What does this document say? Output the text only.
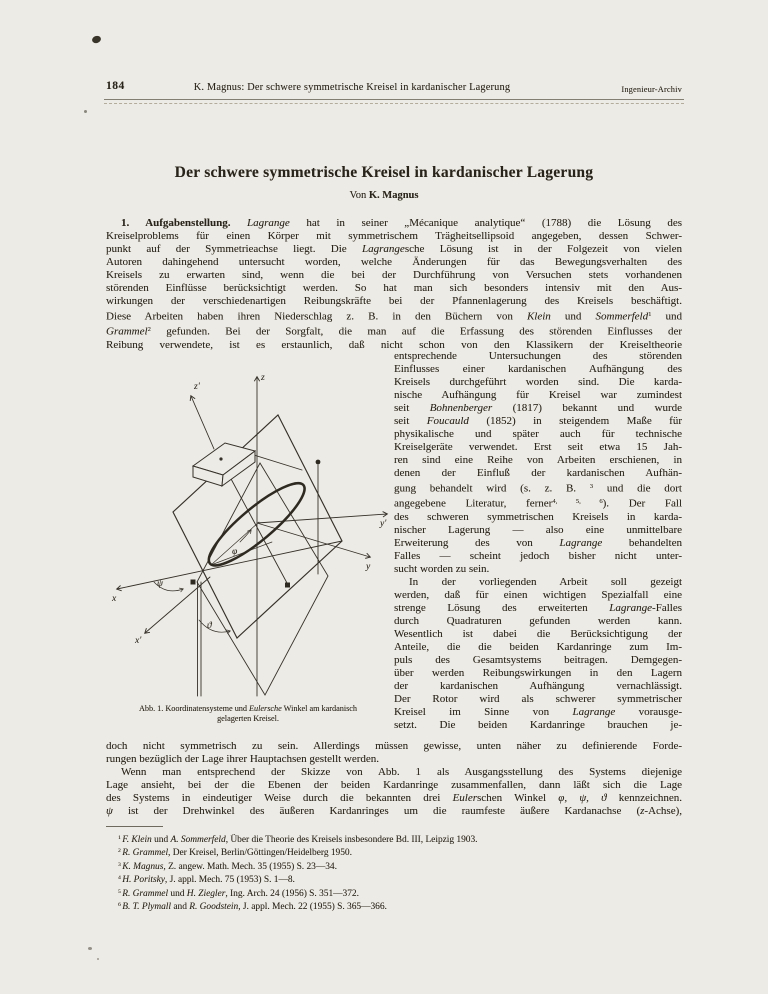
184	K. Magnus: Der schwere symmetrische Kreisel in kardanischer Lagerung	Ingenieur-Archiv
Der schwere symmetrische Kreisel in kardanischer Lagerung
Von K. Magnus
1. Aufgabenstellung. Lagrange hat in seiner „Mécanique analytique“ (1788) die Lösung des
Kreiselproblems für einen Körper mit symmetrischem Trägheitsellipsoid angegeben, dessen Schwer-
punkt auf der Symmetrieachse liegt. Die Lagrangesche Lösung ist in der Folgezeit von vielen
Autoren dahingehend untersucht worden, welche Änderungen für das Bewegungsverhalten des
Kreisels zu erwarten sind, wenn die bei der Durchführung von Versuchen stets vorhandenen
störenden Einflüsse berücksichtigt werden. So hat man sich besonders intensiv mit den Aus-
wirkungen der verschiedenartigen Reibungskräfte bei der Pfannenlagerung des Kreisels beschäftigt.
Diese Arbeiten haben ihren Niederschlag z. B. in den Büchern von Klein und Sommerfeld$^1$ und
Grammel$^2$ gefunden. Bei der Sorgfalt, die man auf die Erfassung des störenden Einflusses der
Reibung verwendete, ist es erstaunlich, daß nicht schon von den Klassikern der Kreiseltheorie
z
z'
y'
y
x
x'
ψ
ϑ
φ
Abb. 1. Koordinatensysteme und Eulersche Winkel am kardanisch
gelagerten Kreisel.
entsprechende Untersuchungen des störenden
Einflusses einer kardanischen Aufhängung des
Kreisels durchgeführt worden sind. Die karda-
nische Aufhängung für Kreisel war zumindest
seit Bohnenberger (1817) bekannt und wurde
seit Foucauld (1852) in steigendem Maße für
physikalische und später auch für technische
Kreiselgeräte verwendet. Erst seit etwa 15 Jah-
ren sind eine Reihe von Arbeiten erschienen, in
denen der Einfluß der kardanischen Aufhän-
gung behandelt wird (s. z. B. $^3$ und die dort
angegebene Literatur, ferner$^{4, 5, 6}$). Der Fall
des schweren symmetrischen Kreisels in karda-
nischer Lagerung — also eine unmittelbare
Erweiterung des von Lagrange behandelten
Falles — scheint jedoch bisher nicht unter-
sucht worden zu sein.
In der vorliegenden Arbeit soll gezeigt
werden, daß für einen wichtigen Spezialfall eine
strenge Lösung des erweiterten Lagrange-Falles
durch Quadraturen gefunden werden kann.
Wesentlich ist dabei die Berücksichtigung der
Anteile, die die beiden Kardanringe zum Im-
puls des Gesamtsystems beitragen. Demgegen-
über werden Reibungswirkungen in den Lagern
der kardanischen Aufhängung vernachlässigt.
Der Rotor wird als schwerer symmetrischer
Kreisel im Sinne von Lagrange vorausge-
setzt. Die beiden Kardanringe brauchen je-
doch nicht symmetrisch zu sein. Allerdings müssen gewisse, unten näher zu definierende Forde-
rungen bezüglich der Lage ihrer Hauptachsen gestellt werden.
Wenn man entsprechend der Skizze von Abb. 1 als Ausgangsstellung des Systems diejenige
Lage ansieht, bei der die Ebenen der beiden Kardanringe zusammenfallen, dann läßt sich die Lage
des Systems in eindeutiger Weise durch die bekannten drei Eulerschen Winkel φ, ψ, ϑ kennzeichnen.
ψ ist der Drehwinkel des äußeren Kardanringes um die raumfeste äußere Kardanachse (z-Achse),
$^1$ F. Klein und A. Sommerfeld, Über die Theorie des Kreisels insbesondere Bd. III, Leipzig 1903.
$^2$ R. Grammel, Der Kreisel, Berlin/Göttingen/Heidelberg 1950.
$^3$ K. Magnus, Z. angew. Math. Mech. 35 (1955) S. 23—34.
$^4$ H. Poritsky, J. appl. Mech. 75 (1953) S. 1—8.
$^5$ R. Grammel und H. Ziegler, Ing. Arch. 24 (1956) S. 351—372.
$^6$ B. T. Plymall and R. Goodstein, J. appl. Mech. 22 (1955) S. 365—366.
